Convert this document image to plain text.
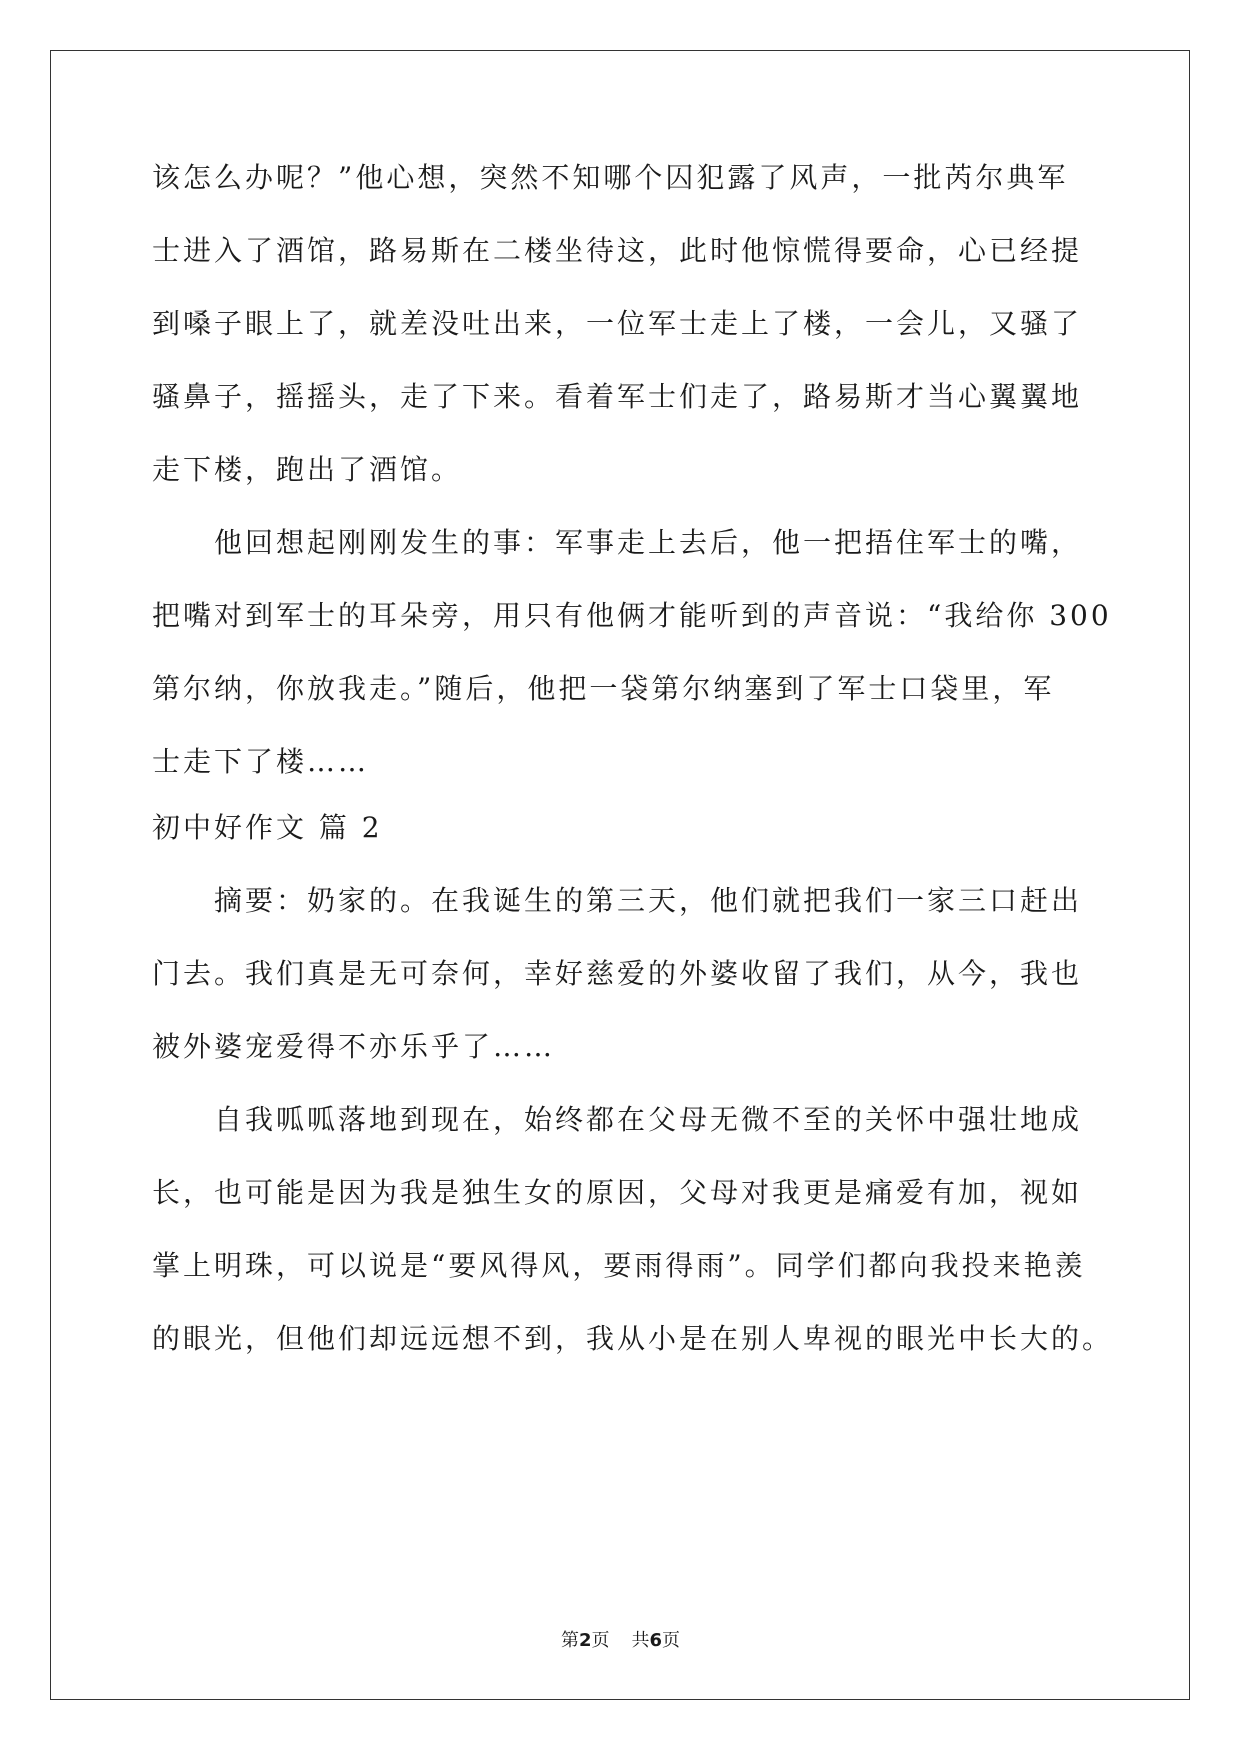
该怎么办呢？”他心想，突然不知哪个囚犯露了风声，一批芮尔典军
士进入了酒馆，路易斯在二楼坐待这，此时他惊慌得要命，心已经提
到嗓子眼上了，就差没吐出来，一位军士走上了楼，一会儿，又骚了
骚鼻子，摇摇头，走了下来。看着军士们走了，路易斯才当心翼翼地
走下楼，跑出了酒馆。
　　他回想起刚刚发生的事：军事走上去后，他一把捂住军士的嘴，
把嘴对到军士的耳朵旁，用只有他俩才能听到的声音说：“我给你 300
第尔纳，你放我走。”随后，他把一袋第尔纳塞到了军士口袋里，军
士走下了楼……
初中好作文 篇 2
　　摘要：奶家的。在我诞生的第三天，他们就把我们一家三口赶出
门去。我们真是无可奈何，幸好慈爱的外婆收留了我们，从今，我也
被外婆宠爱得不亦乐乎了……
　　自我呱呱落地到现在，始终都在父母无微不至的关怀中强壮地成
长，也可能是因为我是独生女的原因，父母对我更是痛爱有加，视如
掌上明珠，可以说是“要风得风，要雨得雨”。同学们都向我投来艳羡
的眼光，但他们却远远想不到，我从小是在别人卑视的眼光中长大的。
第2页 共6页
